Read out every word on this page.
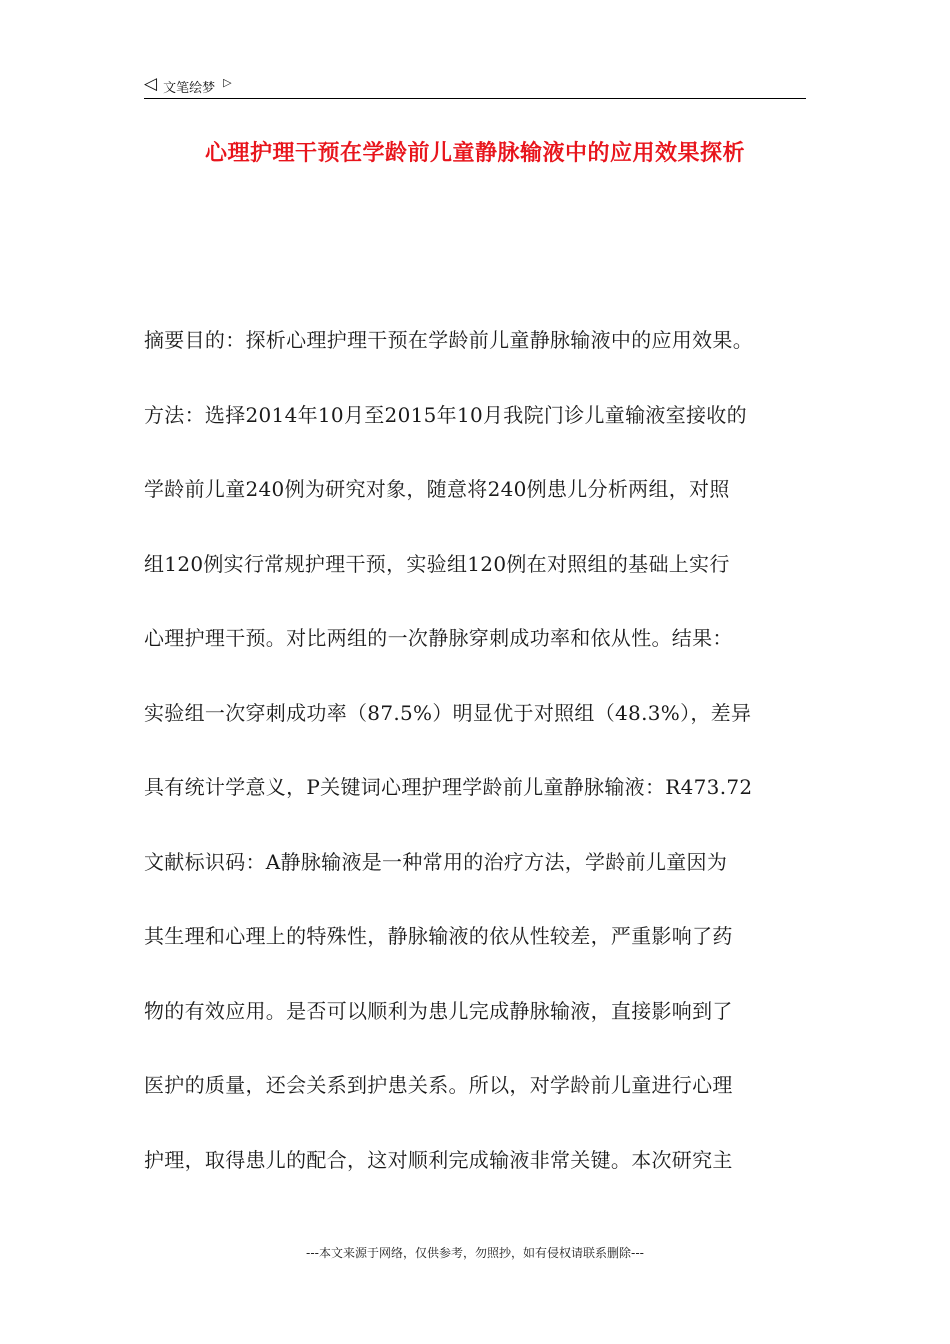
◁ 文笔绘梦 ▷
心理护理干预在学龄前儿童静脉输液中的应用效果探析
摘要目的：探析心理护理干预在学龄前儿童静脉输液中的应用效果。
方法：选择2014年10月至2015年10月我院门诊儿童输液室接收的
学龄前儿童240例为研究对象，随意将240例患儿分析两组，对照
组120例实行常规护理干预，实验组120例在对照组的基础上实行
心理护理干预。对比两组的一次静脉穿刺成功率和依从性。结果：
实验组一次穿刺成功率（87.5%）明显优于对照组（48.3%），差异
具有统计学意义，P关键词心理护理学龄前儿童静脉输液：R473.72
文献标识码：A静脉输液是一种常用的治疗方法，学龄前儿童因为
其生理和心理上的特殊性，静脉输液的依从性较差，严重影响了药
物的有效应用。是否可以顺利为患儿完成静脉输液，直接影响到了
医护的质量，还会关系到护患关系。所以，对学龄前儿童进行心理
护理，取得患儿的配合，这对顺利完成输液非常关键。本次研究主
---本文来源于网络，仅供参考，勿照抄，如有侵权请联系删除---
